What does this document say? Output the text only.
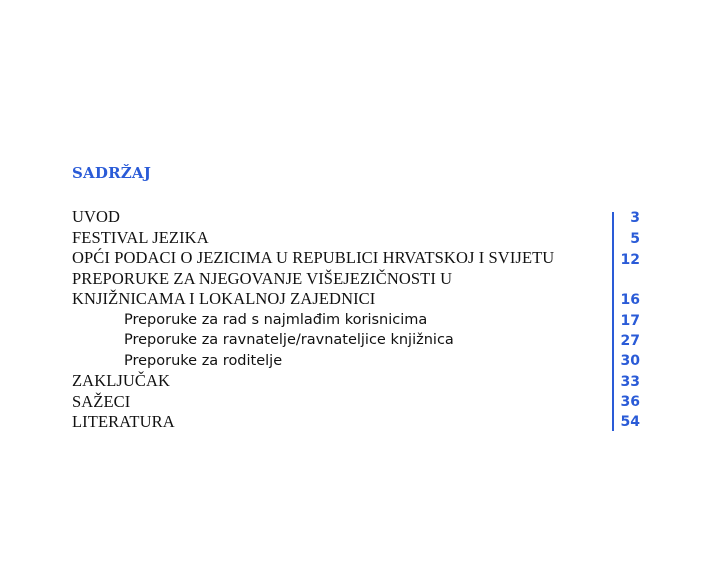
SADRŽAJ
UVOD
FESTIVAL JEZIKA
OPĆI PODACI O JEZICIMA U REPUBLICI HRVATSKOJ I SVIJETU
PREPORUKE ZA NJEGOVANJE VIŠEJEZIČNOSTI U
KNJIŽNICAMA I LOKALNOJ ZAJEDNICI
Preporuke za rad s najmlađim korisnicima
Preporuke za ravnatelje/ravnateljice knjižnica
Preporuke za roditelje
ZAKLJUČAK
SAŽECI
LITERATURA
3
5
12
16
17
27
30
33
36
54
